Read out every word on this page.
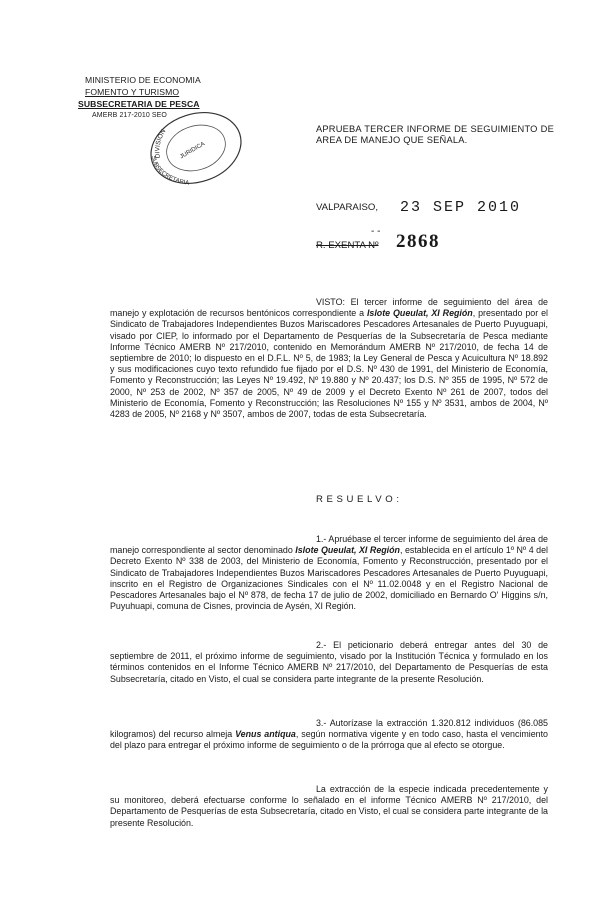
MINISTERIO DE ECONOMIA
FOMENTO Y TURISMO
SUBSECRETARIA DE PESCA
AMERB 217-2010 SEO
DIVISION
JURIDICA
SUBSECRETARIA
APRUEBA TERCER INFORME DE SEGUIMIENTO DE AREA DE MANEJO QUE SEÑALA.
VALPARAISO, 23 SEP 2010
- -
R. EXENTA Nº 2868
VISTO: El tercer informe de seguimiento del área de manejo y explotación de recursos bentónicos correspondiente a Islote Queulat, XI Región, presentado por el Sindicato de Trabajadores Independientes Buzos Mariscadores Pescadores Artesanales de Puerto Puyuguapi, visado por CIEP, lo informado por el Departamento de Pesquerías de la Subsecretaría de Pesca mediante Informe Técnico AMERB Nº 217/2010, contenido en Memorándum AMERB Nº 217/2010, de fecha 14 de septiembre de 2010; lo dispuesto en el D.F.L. Nº 5, de 1983; la Ley General de Pesca y Acuicultura Nº 18.892 y sus modificaciones cuyo texto refundido fue fijado por el D.S. Nº 430 de 1991, del Ministerio de Economía, Fomento y Reconstrucción; las Leyes Nº 19.492, Nº 19.880 y Nº 20.437; los D.S. Nº 355 de 1995, Nº 572 de 2000, Nº 253 de 2002, Nº 357 de 2005, Nº 49 de 2009 y el Decreto Exento Nº 261 de 2007, todos del Ministerio de Economía, Fomento y Reconstrucción; las Resoluciones Nº 155 y Nº 3531, ambos de 2004, Nº 4283 de 2005, Nº 2168 y Nº 3507, ambos de 2007, todas de esta Subsecretaría.
RESUELVO:
1.- Apruébase el tercer informe de seguimiento del área de manejo correspondiente al sector denominado Islote Queulat, XI Región, establecida en el artículo 1º Nº 4 del Decreto Exento Nº 338 de 2003, del Ministerio de Economía, Fomento y Reconstrucción, presentado por el Sindicato de Trabajadores Independientes Buzos Mariscadores Pescadores Artesanales de Puerto Puyuguapi, inscrito en el Registro de Organizaciones Sindicales con el Nº 11.02.0048 y en el Registro Nacional de Pescadores Artesanales bajo el Nº 878, de fecha 17 de julio de 2002, domiciliado en Bernardo O' Higgins s/n, Puyuhuapi, comuna de Cisnes, provincia de Aysén, XI Región.
2.- El peticionario deberá entregar antes del 30 de septiembre de 2011, el próximo informe de seguimiento, visado por la Institución Técnica y formulado en los términos contenidos en el Informe Técnico AMERB Nº 217/2010, del Departamento de Pesquerías de esta Subsecretaría, citado en Visto, el cual se considera parte integrante de la presente Resolución.
3.- Autorízase la extracción 1.320.812 individuos (86.085 kilogramos) del recurso almeja Venus antiqua, según normativa vigente y en todo caso, hasta el vencimiento del plazo para entregar el próximo informe de seguimiento o de la prórroga que al efecto se otorgue.
La extracción de la especie indicada precedentemente y su monitoreo, deberá efectuarse conforme lo señalado en el informe Técnico AMERB Nº 217/2010, del Departamento de Pesquerías de esta Subsecretaría, citado en Visto, el cual se considera parte integrante de la presente Resolución.
